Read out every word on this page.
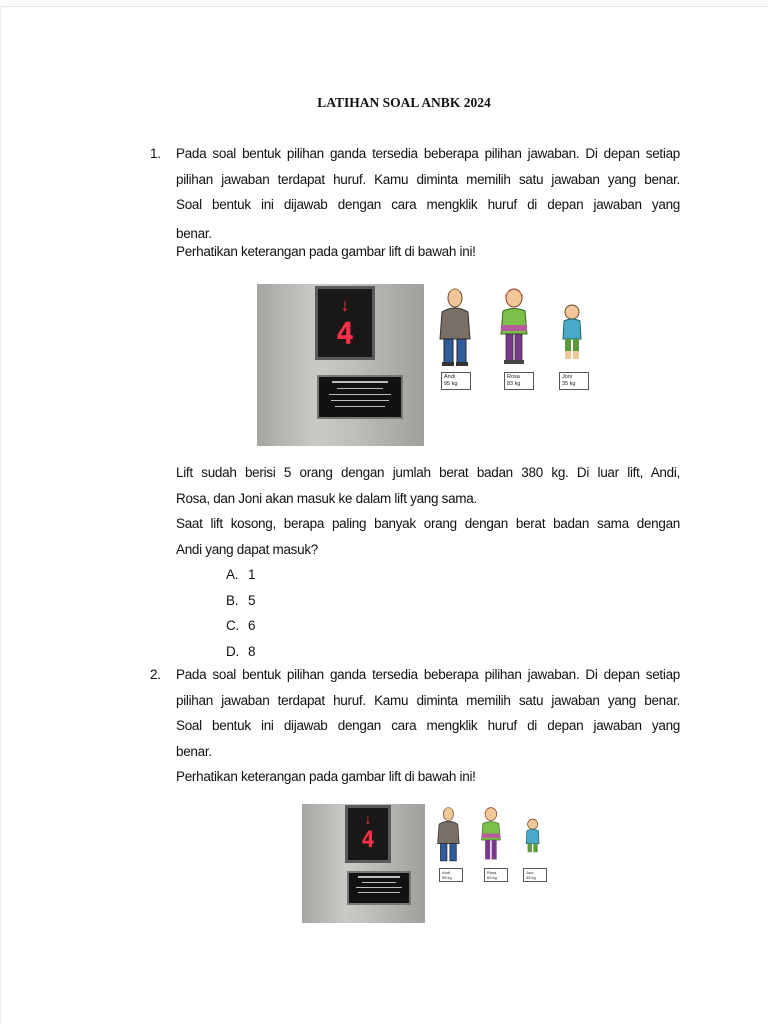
LATIHAN SOAL ANBK 2024
1. Pada soal bentuk pilihan ganda tersedia beberapa pilihan jawaban. Di depan setiap
pilihan jawaban terdapat huruf. Kamu diminta memilih satu jawaban yang benar.
Soal bentuk ini dijawab dengan cara mengklik huruf di depan jawaban yang
benar.
Perhatikan keterangan pada gambar lift di bawah ini!
↓
4
Andi
95 kg
Rosa
83 kg
Joni
35 kg
Lift sudah berisi 5 orang dengan jumlah berat badan 380 kg. Di luar lift, Andi,
Rosa, dan Joni akan masuk ke dalam lift yang sama.
Saat lift kosong, berapa paling banyak orang dengan berat badan sama dengan
Andi yang dapat masuk?
A. 1
B. 5
C. 6
D. 8
2. Pada soal bentuk pilihan ganda tersedia beberapa pilihan jawaban. Di depan setiap
pilihan jawaban terdapat huruf. Kamu diminta memilih satu jawaban yang benar.
Soal bentuk ini dijawab dengan cara mengklik huruf di depan jawaban yang
benar.
Perhatikan keterangan pada gambar lift di bawah ini!
↓
4
Andi
95 kg
Rosa
83 kg
Joni
35 kg
